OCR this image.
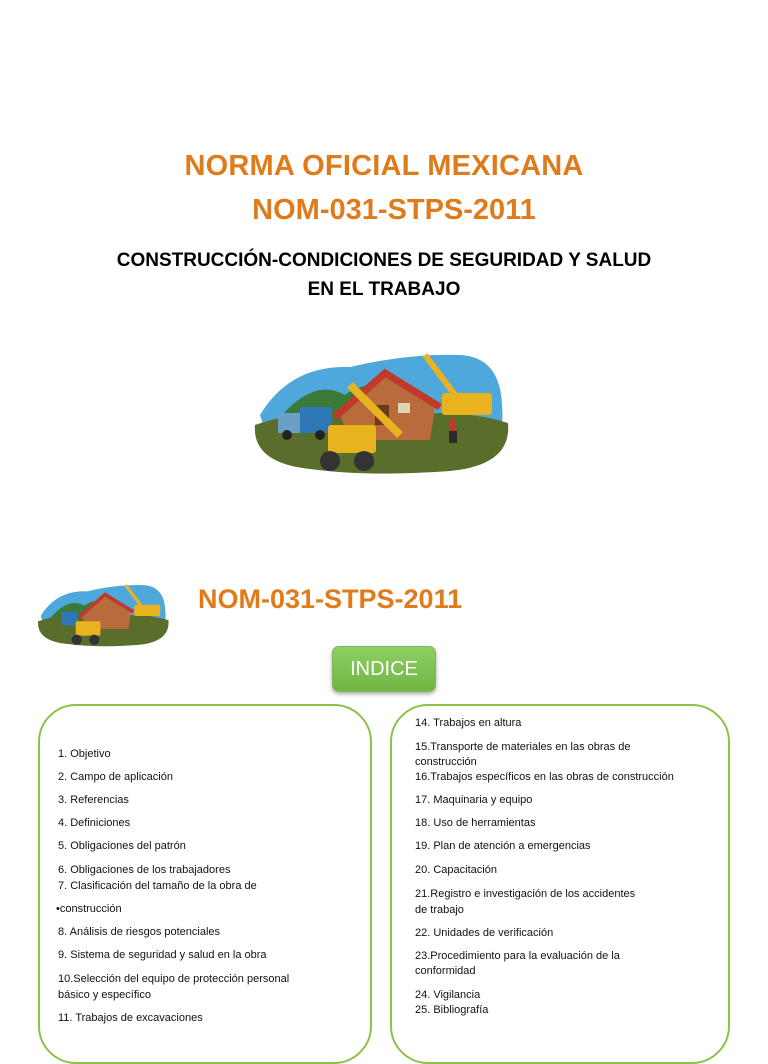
NORMA OFICIAL MEXICANA
NOM-031-STPS-2011
CONSTRUCCIÓN-CONDICIONES DE SEGURIDAD Y SALUD
EN EL TRABAJO
NOM-031-STPS-2011
INDICE
1. Objetivo
2. Campo de aplicación
3. Referencias
4. Definiciones
5. Obligaciones del patrón
6. Obligaciones de los trabajadores
7. Clasificación del tamaño de la obra de
•construcción
8. Análisis de riesgos potenciales
9. Sistema de seguridad y salud en la obra
10.Selección del equipo de protección personal
básico y específico
11. Trabajos de excavaciones
14. Trabajos en altura
15.Transporte de materiales en las obras de
construcción
16.Trabajos específicos en las obras de construcción
17. Maquinaria y equipo
18. Uso de herramientas
19. Plan de atención a emergencias
20. Capacitación
21.Registro e investigación de los accidentes
de trabajo
22. Unidades de verificación
23.Procedimiento para la evaluación de la
conformidad
24. Vigilancia
25. Bibliografía
